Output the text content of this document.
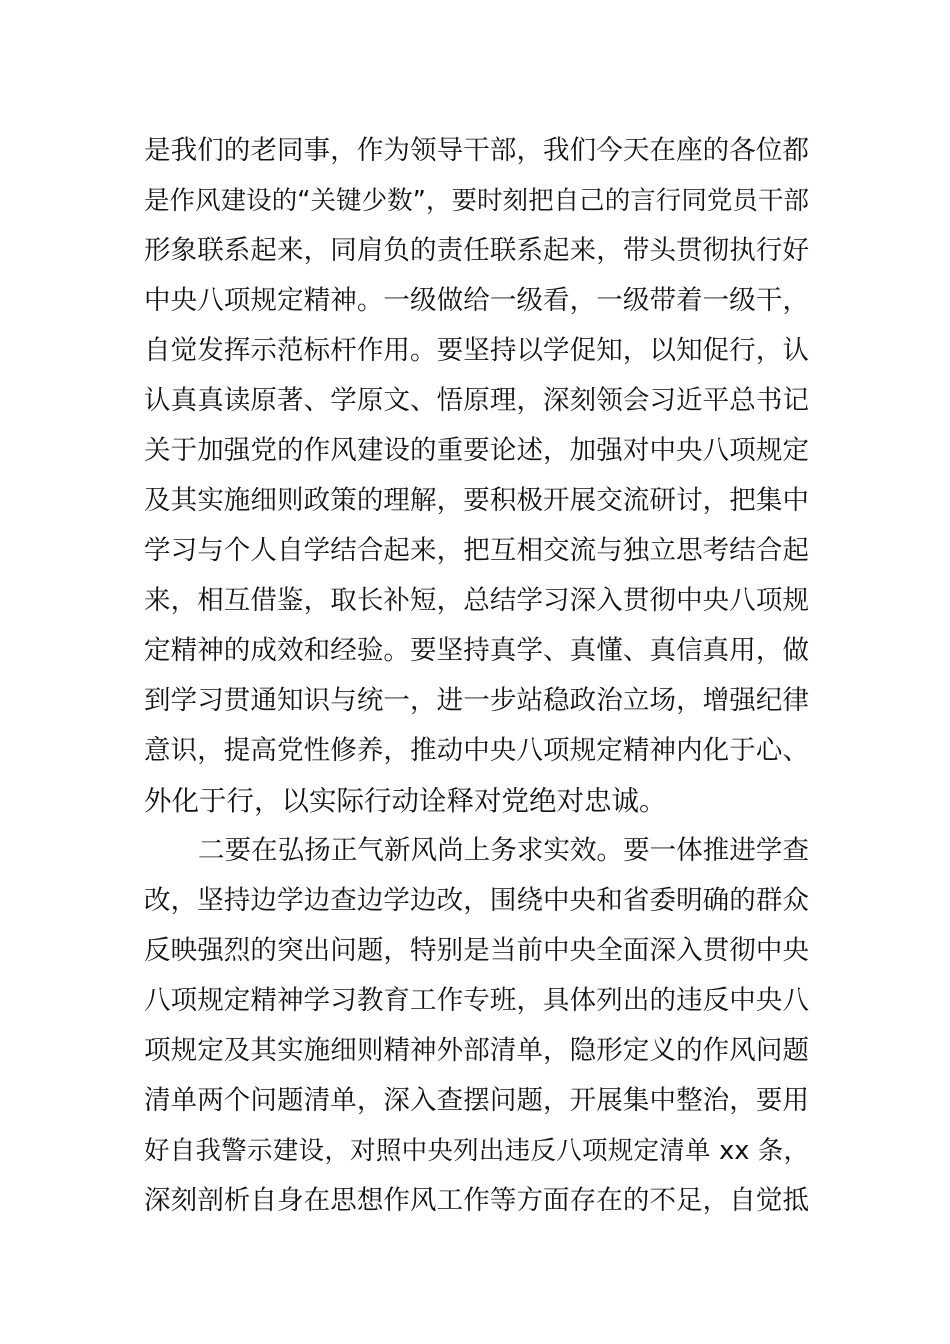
是我们的老同事，作为领导干部，我们今天在座的各位都
是作风建设的“关键少数”，要时刻把自己的言行同党员干部
形象联系起来，同肩负的责任联系起来，带头贯彻执行好
中央八项规定精神。一级做给一级看，一级带着一级干，
自觉发挥示范标杆作用。要坚持以学促知，以知促行，认
认真真读原著、学原文、悟原理，深刻领会习近平总书记
关于加强党的作风建设的重要论述，加强对中央八项规定
及其实施细则政策的理解，要积极开展交流研讨，把集中
学习与个人自学结合起来，把互相交流与独立思考结合起
来，相互借鉴，取长补短，总结学习深入贯彻中央八项规
定精神的成效和经验。要坚持真学、真懂、真信真用，做
到学习贯通知识与统一，进一步站稳政治立场，增强纪律
意识，提高党性修养，推动中央八项规定精神内化于心、
外化于行，以实际行动诠释对党绝对忠诚。
二要在弘扬正气新风尚上务求实效。要一体推进学查
改，坚持边学边查边学边改，围绕中央和省委明确的群众
反映强烈的突出问题，特别是当前中央全面深入贯彻中央
八项规定精神学习教育工作专班，具体列出的违反中央八
项规定及其实施细则精神外部清单，隐形定义的作风问题
清单两个问题清单，深入查摆问题，开展集中整治，要用
好自我警示建设，对照中央列出违反八项规定清单 xx 条，
深刻剖析自身在思想作风工作等方面存在的不足，自觉抵
